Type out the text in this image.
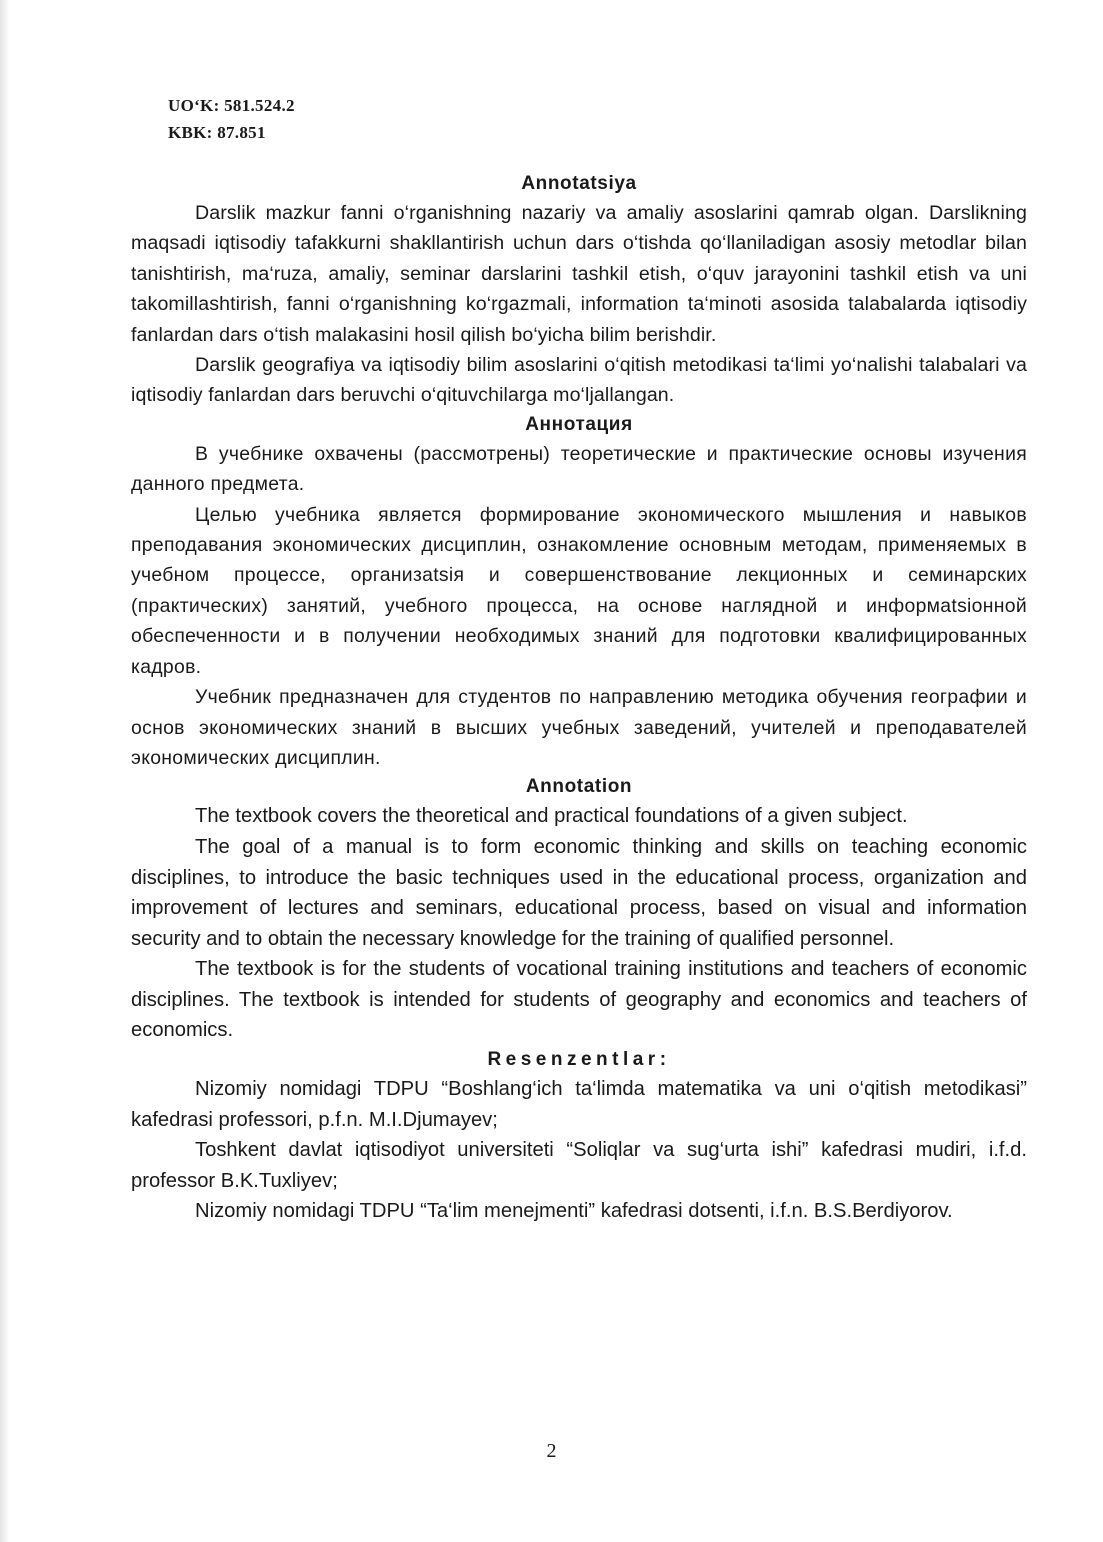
UO‘K: 581.524.2
KBK: 87.851
Annotatsiya

Darslik mazkur fanni o‘rganishning nazariy va amaliy asoslarini qamrab olgan. Darslikning maqsadi iqtisodiy tafakkurni shakllantirish uchun dars o‘tishda qo‘llaniladigan asosiy metodlar bilan tanishtirish, ma‘ruza, amaliy, seminar darslarini tashkil etish, o‘quv jarayonini tashkil etish va uni takomillashtirish, fanni o‘rganishning ko‘rgazmali, information ta‘minoti asosida talabalarda iqtisodiy fanlardan dars o‘tish malakasini hosil qilish bo‘yicha bilim berishdir.

Darslik geografiya va iqtisodiy bilim asoslarini o‘qitish metodikasi ta‘limi yo‘nalishi talabalari va iqtisodiy fanlardan dars beruvchi o‘qituvchilarga mo‘ljallangan.

Аннотация

В учебнике охвачены (рассмотрены) теоретические и практические основы изучения данного предмета.

Целью учебника является формирование экономического мышления и навыков преподавания экономических дисциплин, ознакомление основным методам, применяемых в учебном процессе, организatsія и совершенствование лекционных и семинарских (практических) занятий, учебного процесса, на основе наглядной и информatsіонной обеспеченности и в получении необходимых знаний для подготовки квалифицированных кадров.

Учебник предназначен для студентов по направлению методика обучения географии и основ экономических знаний в высших учебных заведений, учителей и преподавателей экономических дисциплин.

Annotation

The textbook covers the theoretical and practical foundations of a given subject.

The goal of a manual is to form economic thinking and skills on teaching economic disciplines, to introduce the basic techniques used in the educational process, organization and improvement of lectures and seminars, educational process, based on visual and information security and to obtain the necessary knowledge for the training of qualified personnel.

The textbook is for the students of vocational training institutions and teachers of economic disciplines. The textbook is intended for students of geography and economics and teachers of economics.

Resenzentlar:

Nizomiy nomidagi TDPU “Boshlang‘ich ta‘limda matematika va uni o‘qitish metodikasi” kafedrasi professori, p.f.n. M.I.Djumayev;

Toshkent davlat iqtisodiyot universiteti “Soliqlar va sug‘urta ishi” kafedrasi mudiri, i.f.d. professor B.K.Tuxliyev;

Nizomiy nomidagi TDPU “Ta‘lim menejmenti” kafedrasi dotsenti, i.f.n. B.S.Berdiyorov.

2
